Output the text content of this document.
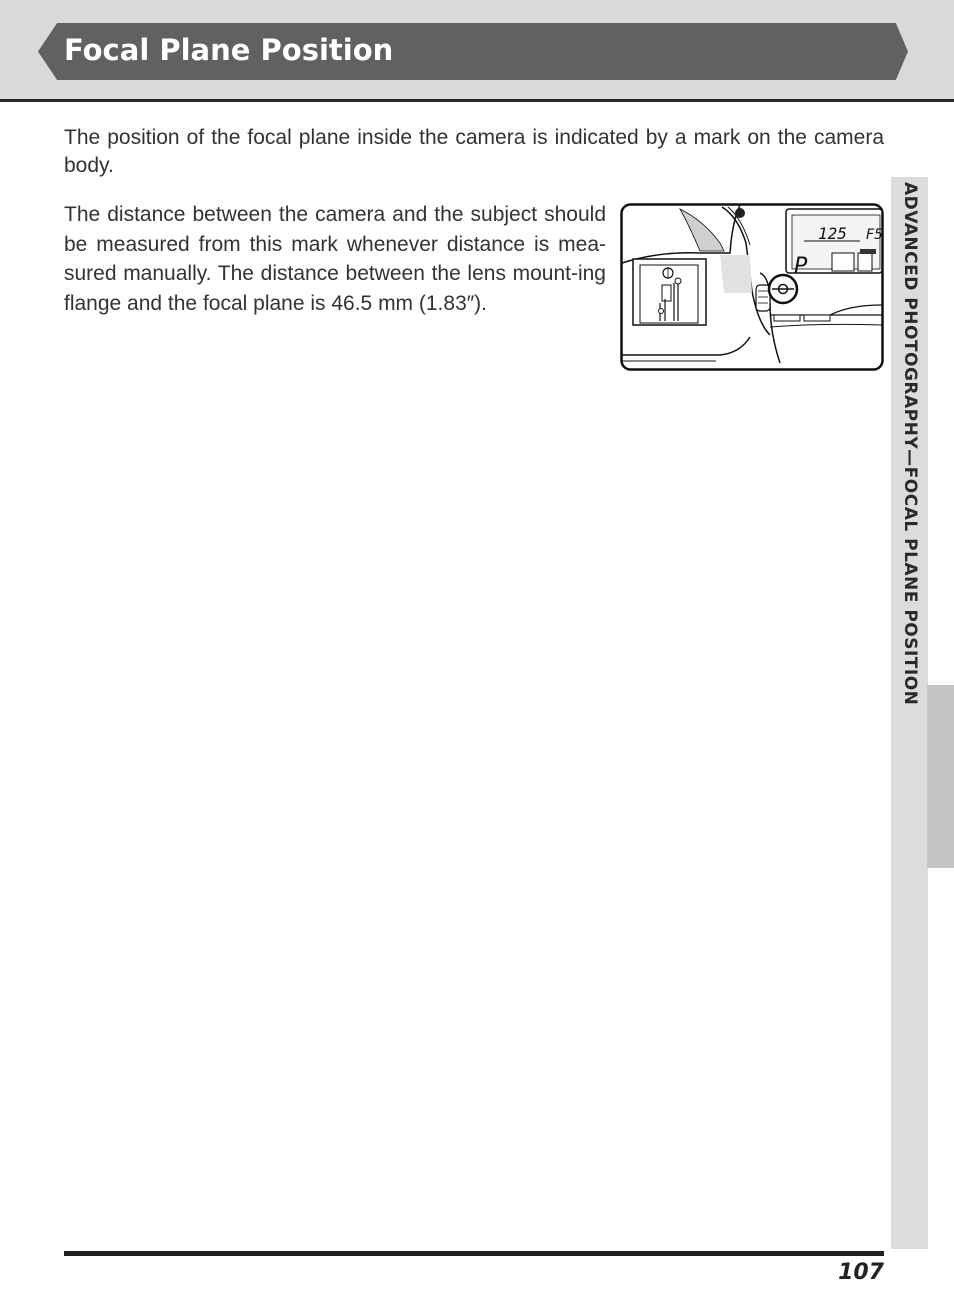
Focal Plane Position

The position of the focal plane inside the camera is indicated by a mark on the camera body.

The distance between the camera and the subject should be measured from this mark whenever distance is mea-sured manually. The distance between the lens mount-ing flange and the focal plane is 46.5 mm (1.83″).

125 F5
P	ADVANCED PHOTOGRAPHY—FOCAL PLANE POSITION
107
